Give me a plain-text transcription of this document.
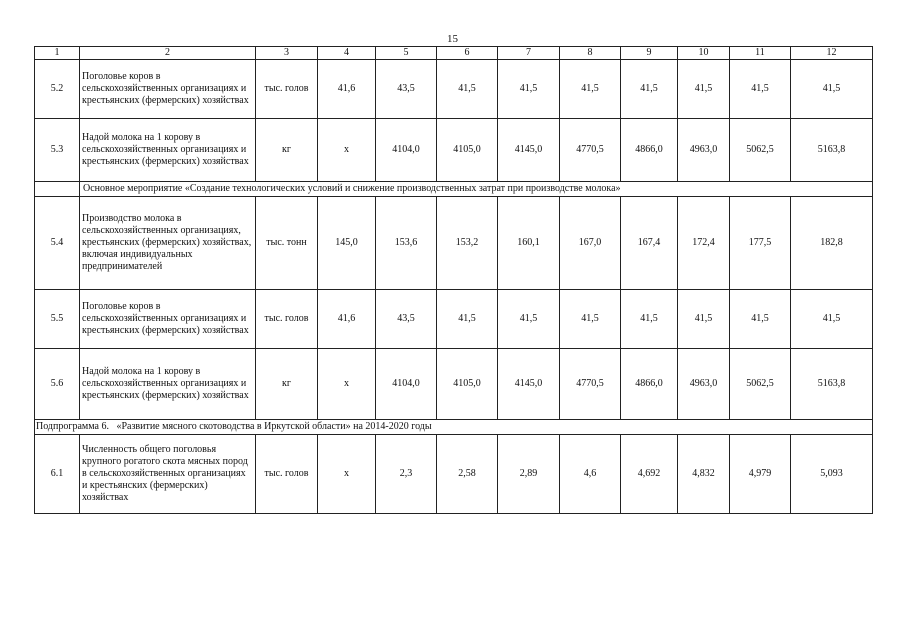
15
1	2	3	4	5	6	7	8	9	10	11	12
5.2	Поголовье коров в сельскохозяйственных организациях и крестьянских (фермерских) хозяйствах	тыс. голов	41,6	43,5	41,5	41,5	41,5	41,5	41,5	41,5	41,5
5.3	Надой молока на 1 корову в сельскохозяйственных организациях и крестьянских (фермерских) хозяйствах	кг	х	4104,0	4105,0	4145,0	4770,5	4866,0	4963,0	5062,5	5163,8
	Основное мероприятие «Создание технологических условий и снижение производственных затрат при производстве молока»										
5.4	Производство молока в сельскохозяйственных организациях, крестьянских (фермерских) хозяйствах, включая индивидуальных предпринимателей	тыс. тонн	145,0	153,6	153,2	160,1	167,0	167,4	172,4	177,5	182,8
5.5	Поголовье коров в сельскохозяйственных организациях и крестьянских (фермерских) хозяйствах	тыс. голов	41,6	43,5	41,5	41,5	41,5	41,5	41,5	41,5	41,5
5.6	Надой молока на 1 корову в сельскохозяйственных организациях и крестьянских (фермерских) хозяйствах	кг	х	4104,0	4105,0	4145,0	4770,5	4866,0	4963,0	5062,5	5163,8
Подпрограмма 6.   «Развитие мясного скотоводства в Иркутской области» на 2014-2020 годы											
6.1	Численность общего поголовья крупного рогатого скота мясных пород в сельскохозяйственных организациях и крестьянских (фермерских) хозяйствах	тыс. голов	х	2,3	2,58	2,89	4,6	4,692	4,832	4,979	5,093
